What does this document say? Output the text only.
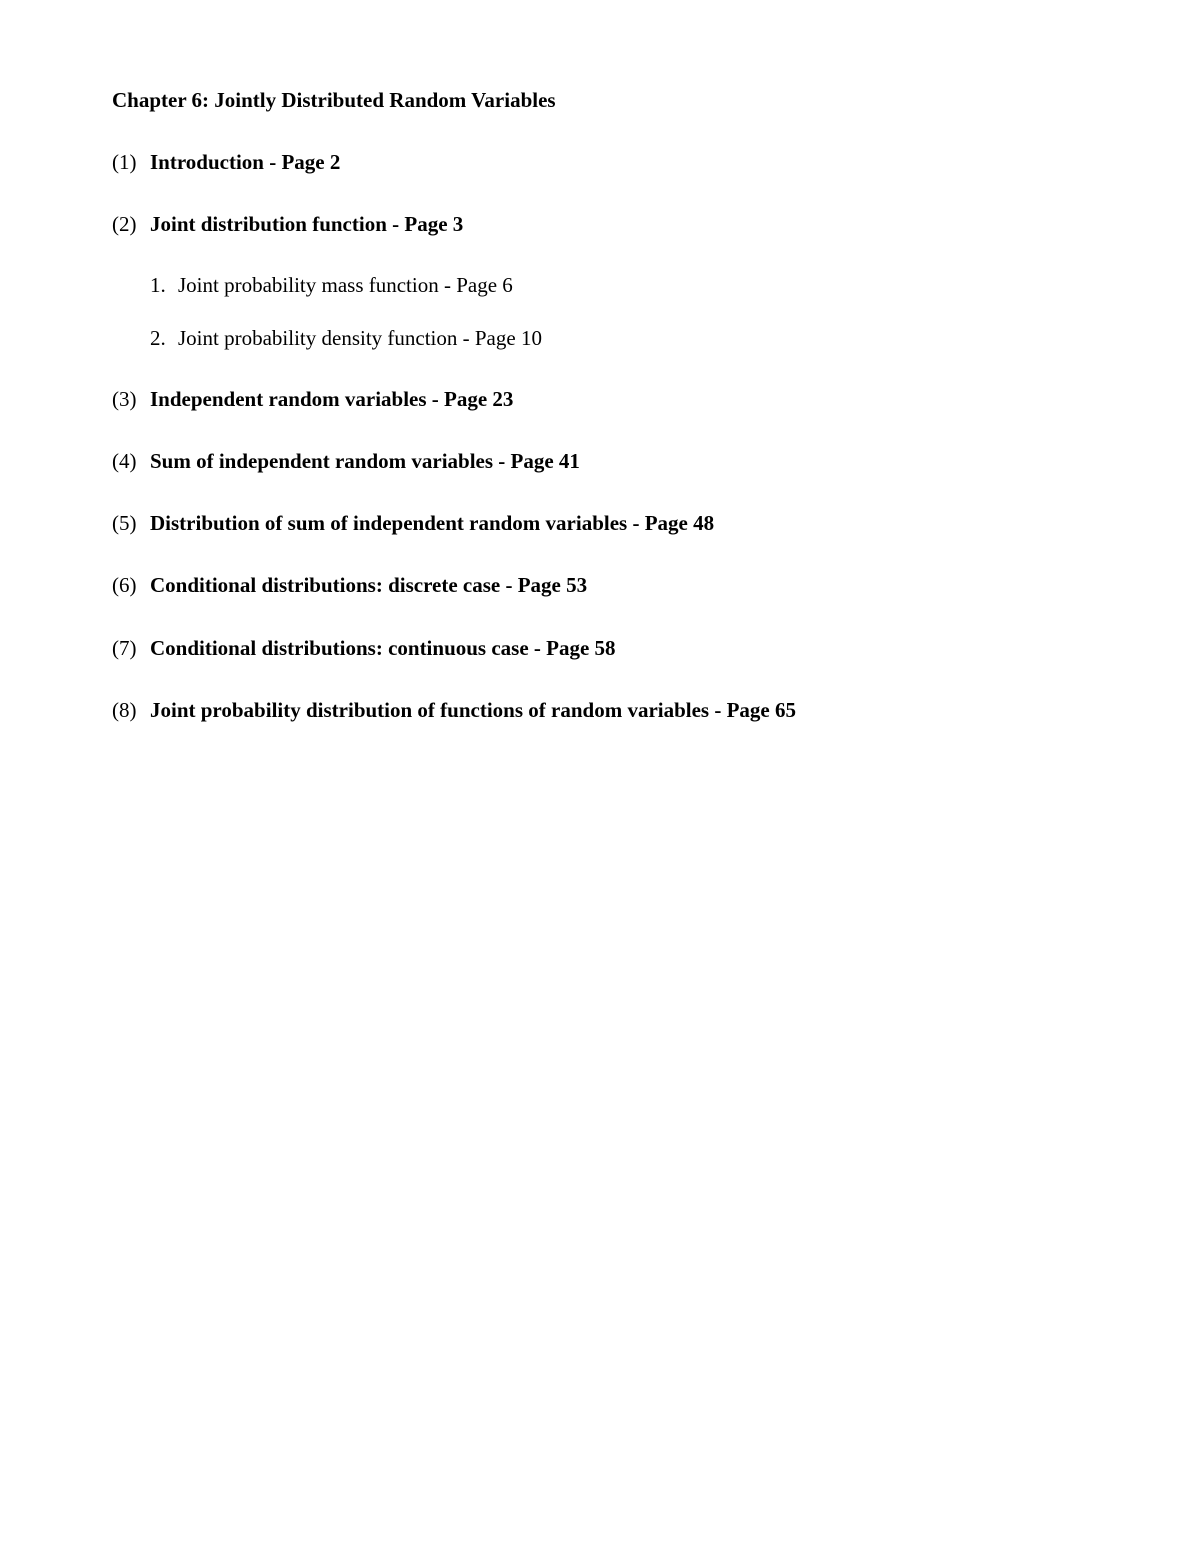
Chapter 6: Jointly Distributed Random Variables
(1) Introduction - Page 2
(2) Joint distribution function - Page 3
1. Joint probability mass function - Page 6
2. Joint probability density function - Page 10
(3) Independent random variables - Page 23
(4) Sum of independent random variables - Page 41
(5) Distribution of sum of independent random variables - Page 48
(6) Conditional distributions: discrete case - Page 53
(7) Conditional distributions: continuous case - Page 58
(8) Joint probability distribution of functions of random variables - Page 65
